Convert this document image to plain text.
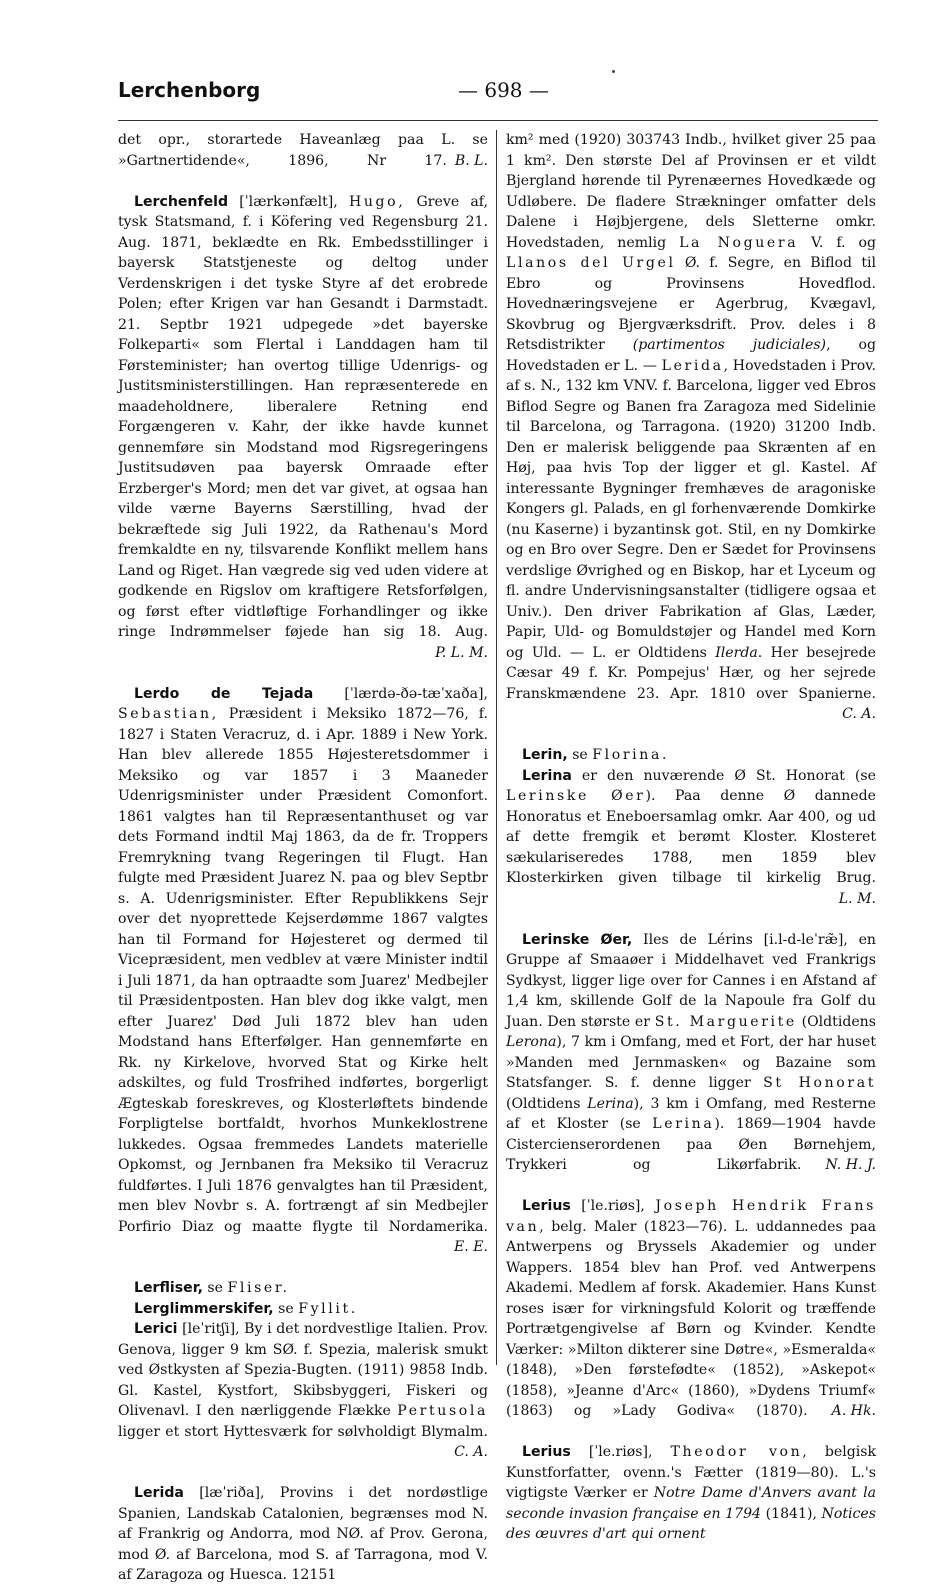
Lerchenborg	— 698 —

det opr., storartede Haveanlæg paa L. se »Gartnertidende«, 1896, Nr 17. B. L.

Lerchenfeld [ˈlærkənfælt], Hugo, Greve af, tysk Statsmand, f. i Köfering ved Regensburg 21. Aug. 1871, beklædte en Rk. Embedsstillinger i bayersk Statstjeneste og deltog under Verdenskrigen i det tyske Styre af det erobrede Polen; efter Krigen var han Gesandt i Darmstadt. 21. Septbr 1921 udpegede »det bayerske Folkeparti« som Flertal i Landdagen ham til Førsteminister; han overtog tillige Udenrigs- og Justitsministerstillingen. Han repræsenterede en maadeholdnere, liberalere Retning end Forgængeren v. Kahr, der ikke havde kunnet gennemføre sin Modstand mod Rigsregeringens Justitsudøven paa bayersk Omraade efter Erzberger's Mord; men det var givet, at ogsaa han vilde værne Bayerns Særstilling, hvad der bekræftede sig Juli 1922, da Rathenau's Mord fremkaldte en ny, tilsvarende Konflikt mellem hans Land og Riget. Han vægrede sig ved uden videre at godkende en Rigslov om kraftigere Retsforfølgen, og først efter vidtløftige Forhandlinger og ikke ringe Indrømmelser føjede han sig 18. Aug.
P. L. M.

Lerdo de Tejada [ˈlærdə-ðə-tæˈxaða], Sebastian, Præsident i Meksiko 1872—76, f. 1827 i Staten Veracruz, d. i Apr. 1889 i New York. Han blev allerede 1855 Højesteretsdommer i Meksiko og var 1857 i 3 Maaneder Udenrigsminister under Præsident Comonfort. 1861 valgtes han til Repræsentanthuset og var dets Formand indtil Maj 1863, da de fr. Troppers Fremrykning tvang Regeringen til Flugt. Han fulgte med Præsident Juarez N. paa og blev Septbr s. A. Udenrigsminister. Efter Republikkens Sejr over det nyoprettede Kejserdømme 1867 valgtes han til Formand for Højesteret og dermed til Vicepræsident, men vedblev at være Minister indtil i Juli 1871, da han optraadte som Juarez' Medbejler til Præsidentposten. Han blev dog ikke valgt, men efter Juarez' Død Juli 1872 blev han uden Modstand hans Efterfølger. Han gennemførte en Rk. ny Kirkelove, hvorved Stat og Kirke helt adskiltes, og fuld Trosfrihed indførtes, borgerligt Ægteskab foreskreves, og Klosterløftets bindende Forpligtelse bortfaldt, hvorhos Munkeklostrene lukkedes. Ogsaa fremmedes Landets materielle Opkomst, og Jernbanen fra Meksiko til Veracruz fuldførtes. I Juli 1876 genvalgtes han til Præsident, men blev Novbr s. A. fortrængt af sin Medbejler Porfirio Diaz og maatte flygte til Nordamerika.
E. E.

Lerfliser, se Fliser.

Lerglimmerskifer, se Fyllit.

Lerici [leˈritʃi], By i det nordvestlige Italien. Prov. Genova, ligger 9 km SØ. f. Spezia, malerisk smukt ved Østkysten af Spezia-Bugten. (1911) 9858 Indb. Gl. Kastel, Kystfort, Skibsbyggeri, Fiskeri og Olivenavl. I den nærliggende Flække Pertusola ligger et stort Hyttesværk for sølvholdigt Blymalm.
C. A.

Lerida [læˈriða], Provins i det nordøstlige Spanien, Landskab Catalonien, begrænses mod N. af Frankrig og Andorra, mod NØ. af Prov. Gerona, mod Ø. af Barcelona, mod S. af Tarragona, mod V. af Zaragoza og Huesca. 12151

km² med (1920) 303743 Indb., hvilket giver 25 paa 1 km². Den største Del af Provinsen er et vildt Bjergland hørende til Pyrenæernes Hovedkæde og Udløbere. De fladere Strækninger omfatter dels Dalene i Højbjergene, dels Sletterne omkr. Hovedstaden, nemlig La Noguera V. f. og Llanos del Urgel Ø. f. Segre, en Biflod til Ebro og Provinsens Hovedflod. Hovednæringsvejene er Agerbrug, Kvægavl, Skovbrug og Bjergværksdrift. Prov. deles i 8 Retsdistrikter (partimentos judiciales), og Hovedstaden er L. — Lerida, Hovedstaden i Prov. af s. N., 132 km VNV. f. Barcelona, ligger ved Ebros Biflod Segre og Banen fra Zaragoza med Sidelinie til Barcelona, og Tarragona. (1920) 31200 Indb. Den er malerisk beliggende paa Skrænten af en Høj, paa hvis Top der ligger et gl. Kastel. Af interessante Bygninger fremhæves de aragoniske Kongers gl. Palads, en gl forhenværende Domkirke (nu Kaserne) i byzantinsk got. Stil, en ny Domkirke og en Bro over Segre. Den er Sædet for Provinsens verdslige Øvrighed og en Biskop, har et Lyceum og fl. andre Undervisningsanstalter (tidligere ogsaa et Univ.). Den driver Fabrikation af Glas, Læder, Papir, Uld- og Bomuldstøjer og Handel med Korn og Uld. — L. er Oldtidens Ilerda. Her besejrede Cæsar 49 f. Kr. Pompejus' Hær, og her sejrede Franskmændene 23. Apr. 1810 over Spanierne.
C. A.

Lerin, se Florina.

Lerina er den nuværende Ø St. Honorat (se Lerinske Øer). Paa denne Ø dannede Honoratus et Eneboersamlag omkr. Aar 400, og ud af dette fremgik et berømt Kloster. Klosteret sækulariseredes 1788, men 1859 blev Klosterkirken given tilbage til kirkelig Brug.
L. M.

Lerinske Øer, Iles de Lérins [i.l-d-leˈræ̃], en Gruppe af Smaaøer i Middelhavet ved Frankrigs Sydkyst, ligger lige over for Cannes i en Afstand af 1,4 km, skillende Golf de la Napoule fra Golf du Juan. Den største er St. Marguerite (Oldtidens Lerona), 7 km i Omfang, med et Fort, der har huset »Manden med Jernmasken« og Bazaine som Statsfanger. S. f. denne ligger St Honorat (Oldtidens Lerina), 3 km i Omfang, med Resterne af et Kloster (se Lerina). 1869—1904 havde Cistercienserordenen paa Øen Børnehjem, Trykkeri og Likørfabrik.	N. H. J.

Lerius [ˈle.riøs], Joseph Hendrik Frans van, belg. Maler (1823—76). L. uddannedes paa Antwerpens og Bryssels Akademier og under Wappers. 1854 blev han Prof. ved Antwerpens Akademi. Medlem af forsk. Akademier. Hans Kunst roses især for virkningsfuld Kolorit og træffende Portrætgengivelse af Børn og Kvinder. Kendte Værker: »Milton dikterer sine Døtre«, »Esmeralda« (1848), »Den førstefødte« (1852), »Askepot« (1858), »Jeanne d'Arc« (1860), »Dydens Triumf« (1863) og »Lady Godiva« (1870).	A. Hk.

Lerius [ˈle.riøs], Theodor von, belgisk Kunstforfatter, ovenn.'s Fætter (1819—80). L.'s vigtigste Værker er Notre Dame d'Anvers avant la seconde invasion française en 1794 (1841), Notices des œuvres d'art qui ornent
